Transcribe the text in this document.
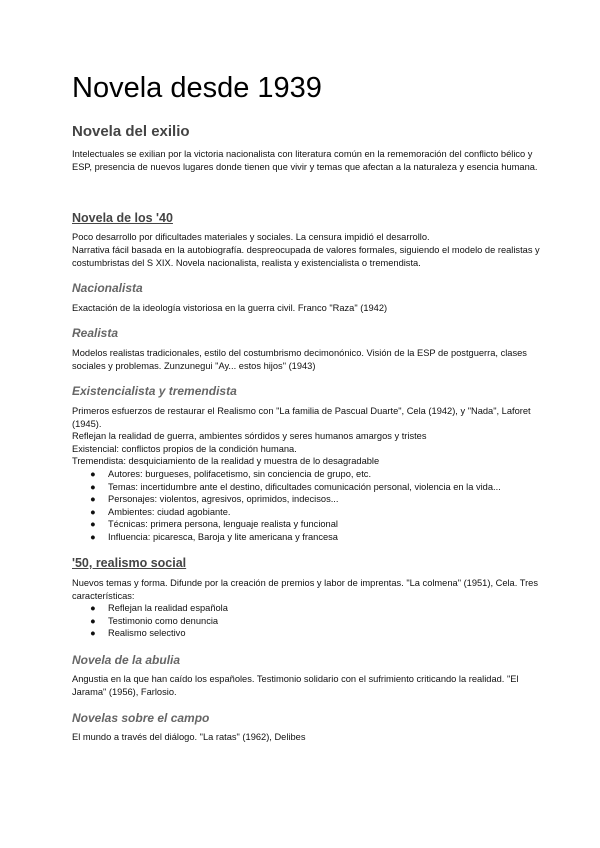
Novela desde 1939
Novela del exilio

Intelectuales se exilian por la victoria nacionalista con literatura común en la rememoración del conflicto bélico y ESP, presencia de nuevos lugares donde tienen que vivir y temas que afectan a la naturaleza y esencia humana.

Novela de los '40

Poco desarrollo por dificultades materiales y sociales. La censura impidió el desarrollo.

Narrativa fácil basada en la autobiografía. despreocupada de valores formales, siguiendo el modelo de realistas y costumbristas del S XIX. Novela nacionalista, realista y existencialista o tremendista.

Nacionalista

Exactación de la ideología vistoriosa en la guerra civil. Franco "Raza" (1942)

Realista

Modelos realistas tradicionales, estilo del costumbrismo decimonónico. Visión de la ESP de postguerra, clases sociales y problemas. Zunzunegui "Ay... estos hijos" (1943)

Existencialista y tremendista

Primeros esfuerzos de restaurar el Realismo con "La familia de Pascual Duarte", Cela (1942), y "Nada", Laforet (1945).

Reflejan la realidad de guerra, ambientes sórdidos y seres humanos amargos y tristes

Existencial: conflictos propios de la condición humana.

Tremendista: desquiciamiento de la realidad y muestra de lo desagradable

● Autores: burgueses, polifacetismo, sin conciencia de grupo, etc.
● Temas: incertidumbre ante el destino, dificultades comunicación personal, violencia en la vida...
● Personajes: violentos, agresivos, oprimidos, indecisos...
● Ambientes: ciudad agobiante.
● Técnicas: primera persona, lenguaje realista y funcional
● Influencia: picaresca, Baroja y lite americana y francesa
'50, realismo social

Nuevos temas y forma. Difunde por la creación de premios y labor de imprentas. "La colmena" (1951), Cela. Tres características:

● Reflejan la realidad española
● Testimonio como denuncia
● Realismo selectivo
Novela de la abulia

Angustia en la que han caído los españoles. Testimonio solidario con el sufrimiento criticando la realidad. "El Jarama" (1956), Farlosio.

Novelas sobre el campo

El mundo a través del diálogo. "La ratas" (1962), Delibes
